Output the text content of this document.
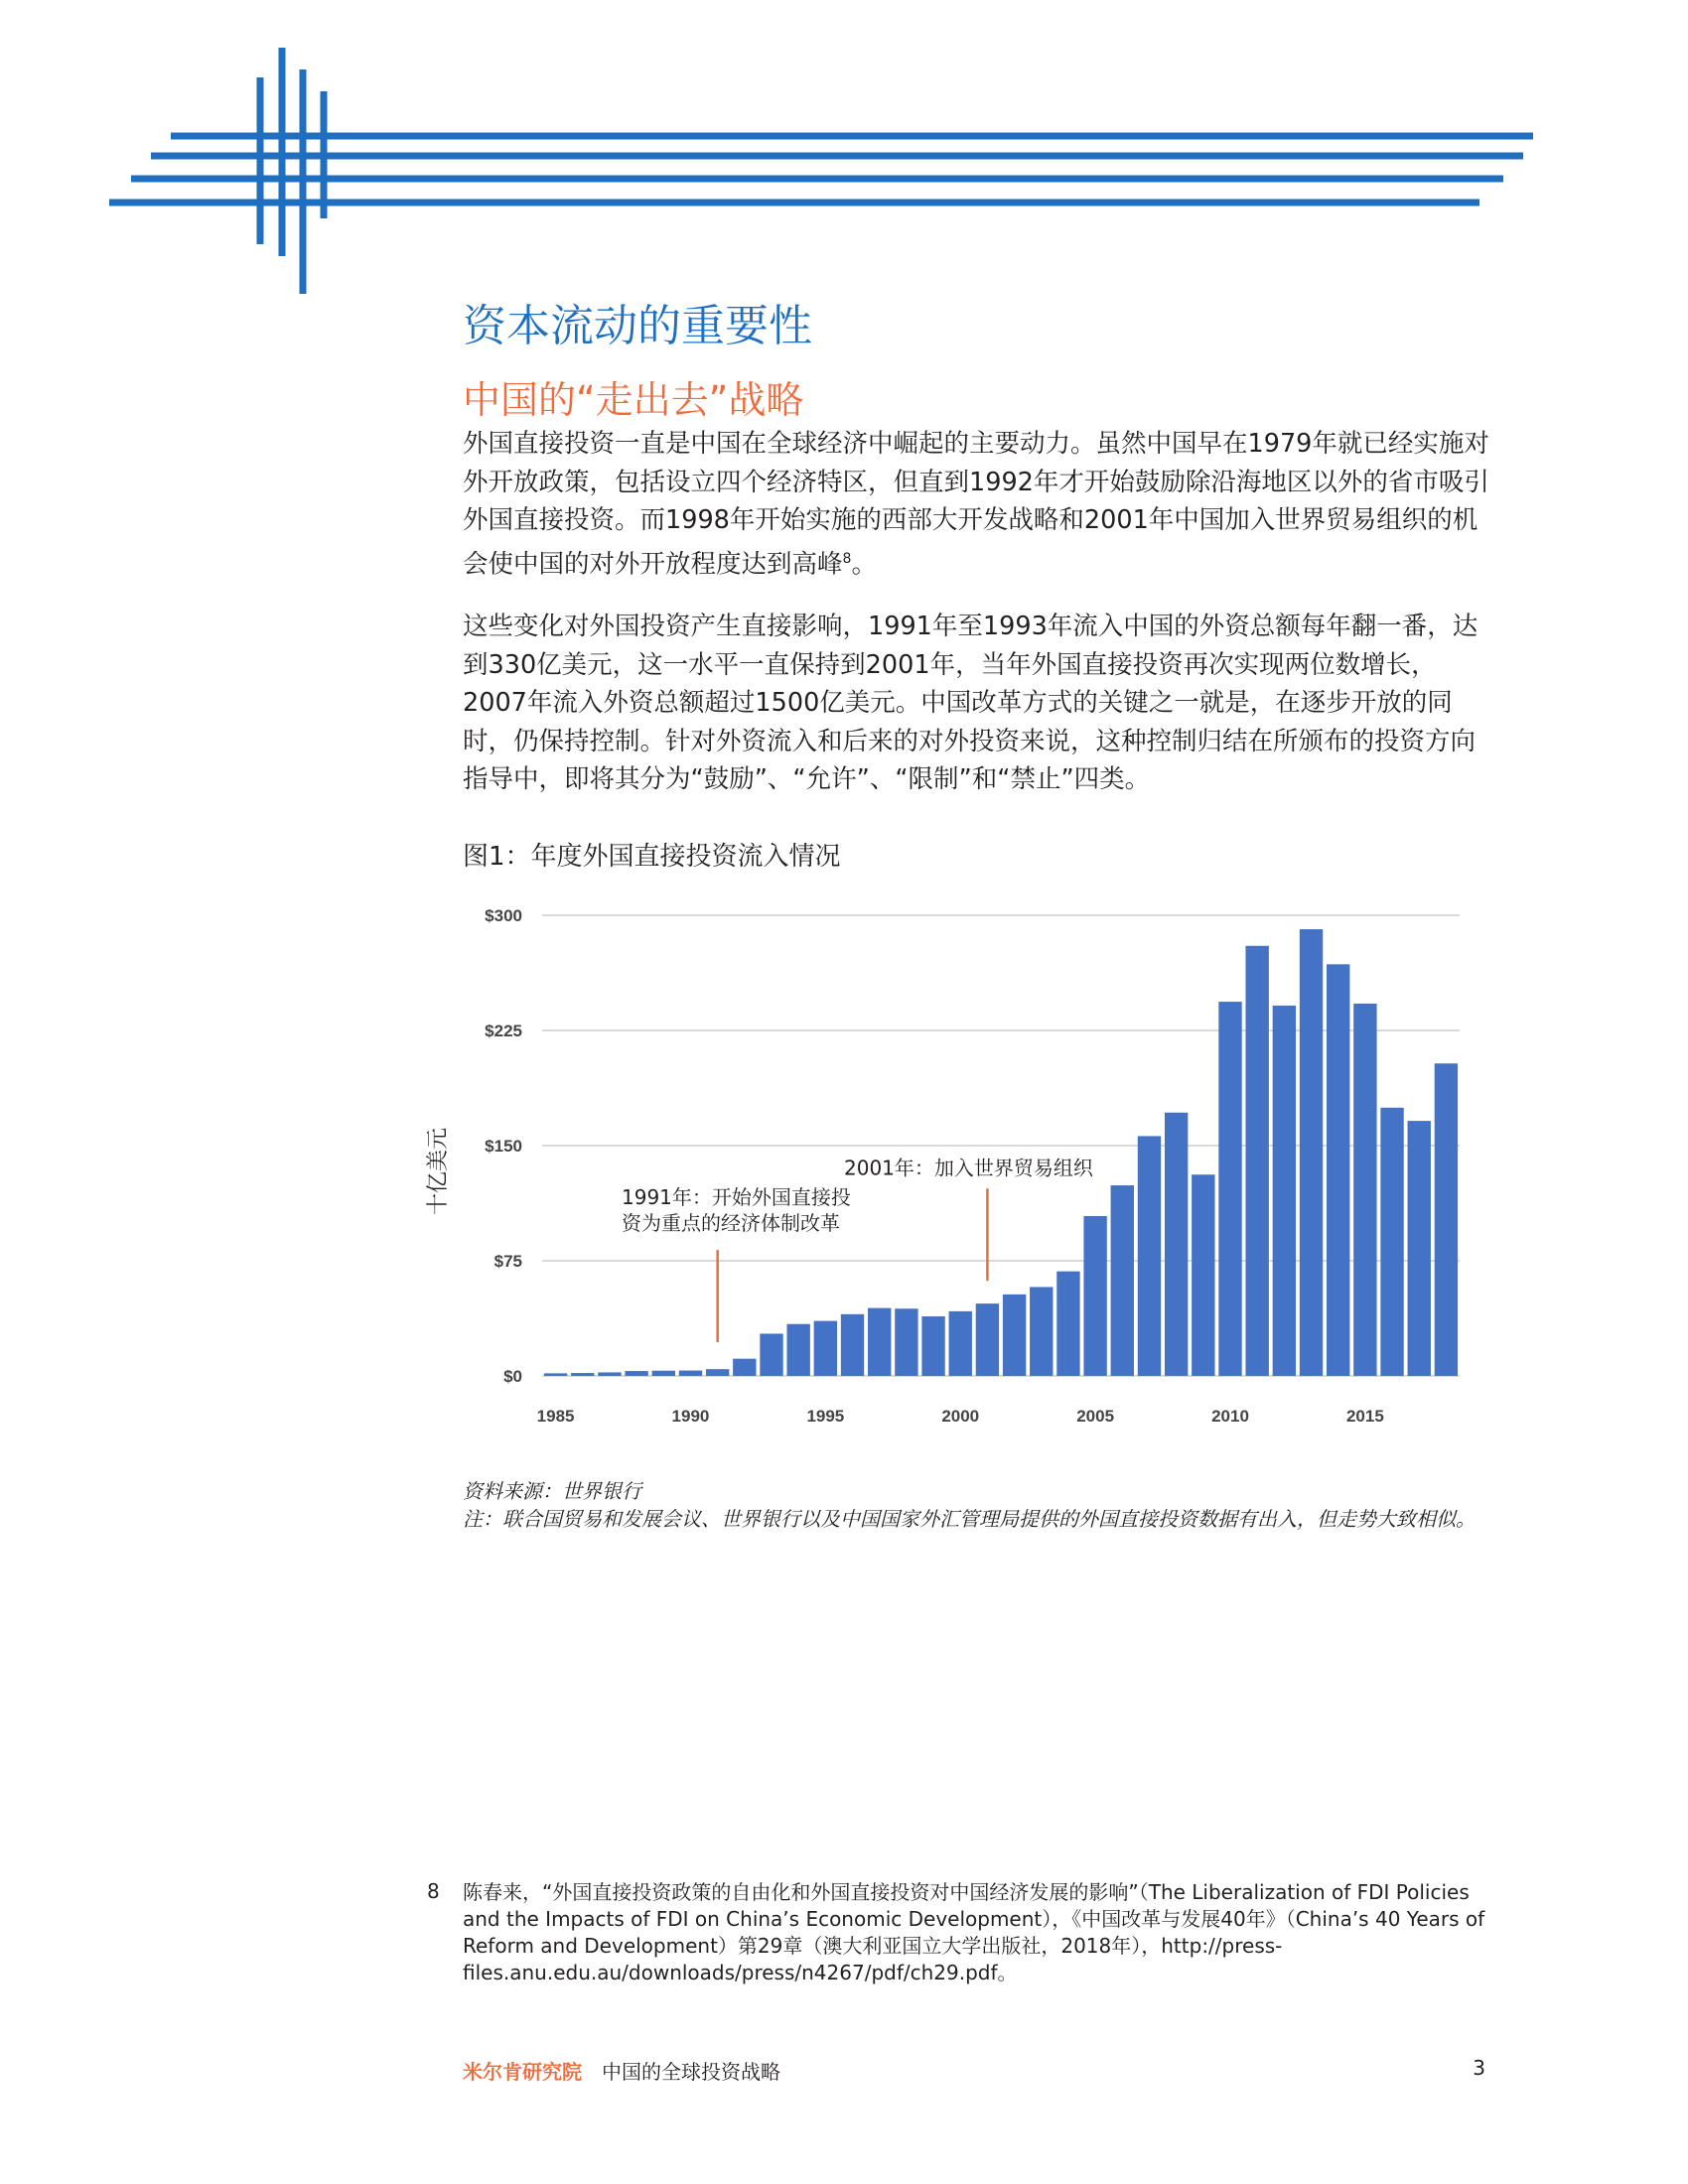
资本流动的重要性
中国的“走出去”战略

外国直接投资一直是中国在全球经济中崛起的主要动力。虽然中国早在1979年就已经实施对外开放政策，包括设立四个经济特区，但直到1992年才开始鼓励除沿海地区以外的省市吸引外国直接投资。而1998年开始实施的西部大开发战略和2001年中国加入世界贸易组织的机会使中国的对外开放程度达到高峰$^8$。

这些变化对外国投资产生直接影响，1991年至1993年流入中国的外资总额每年翻一番，达到330亿美元，这一水平一直保持到2001年，当年外国直接投资再次实现两位数增长，2007年流入外资总额超过1500亿美元。中国改革方式的关键之一就是，在逐步开放的同时，仍保持控制。针对外资流入和后来的对外投资来说，这种控制归结在所颁布的投资方向指导中，即将其分为“鼓励”、“允许”、“限制”和“禁止”四类。

图1：年度外国直接投资流入情况
$0
$75
$150
$225
$300
1985	1990	1995	2000	2005	2010	2015
1991年：开始外国直接投
资为重点的经济体制改革
2001年：加入世界贸易组织
十亿美元

资料来源：世界银行

注：联合国贸易和发展会议、世界银行以及中国国家外汇管理局提供的外国直接投资数据有出入，但走势大致相似。

8 陈春来，“外国直接投资政策的自由化和外国直接投资对中国经济发展的影响”（The Liberalization of FDI Policies and the Impacts of FDI on China’s Economic Development），《中国改革与发展40年》（China’s 40 Years of Reform and Development）第29章（澳大利亚国立大学出版社，2018年），http://press-files.anu.edu.au/downloads/press/n4267/pdf/ch29.pdf。
米尔肯研究院 中国的全球投资战略	3
